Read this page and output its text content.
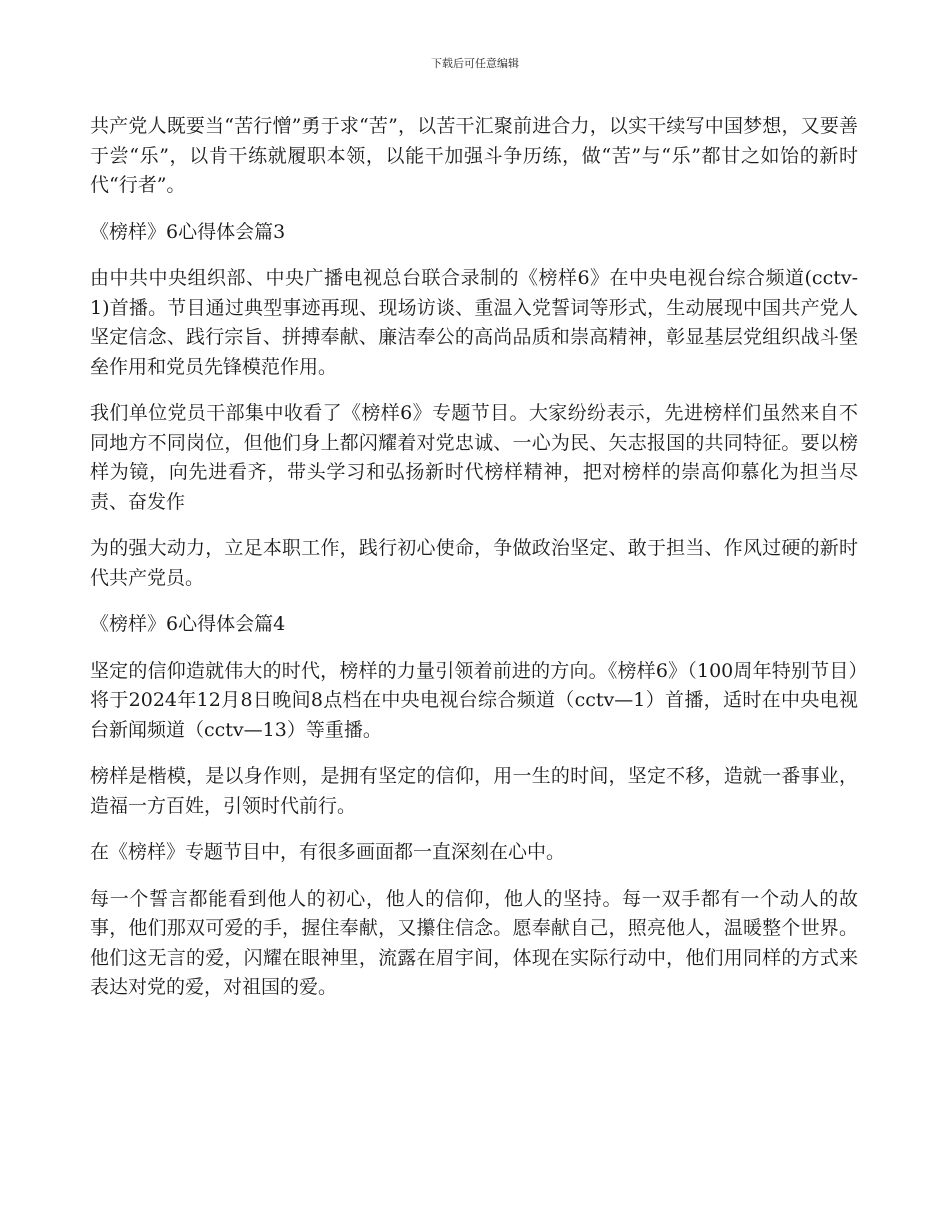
下载后可任意编辑

共产党人既要当“苦行憎”勇于求“苦”，以苦干汇聚前进合力，以实干续写中国梦想，又要善于尝“乐”，以肯干练就履职本领，以能干加强斗争历练，做“苦”与“乐”都甘之如饴的新时代“行者”。

《榜样》6心得体会篇3

由中共中央组织部、中央广播电视总台联合录制的《榜样6》在中央电视台综合频道(cctv-1)首播。节目通过典型事迹再现、现场访谈、重温入党誓词等形式，生动展现中国共产党人坚定信念、践行宗旨、拼搏奉献、廉洁奉公的高尚品质和崇高精神，彰显基层党组织战斗堡垒作用和党员先锋模范作用。

我们单位党员干部集中收看了《榜样6》专题节目。大家纷纷表示，先进榜样们虽然来自不同地方不同岗位，但他们身上都闪耀着对党忠诚、一心为民、矢志报国的共同特征。要以榜样为镜，向先进看齐，带头学习和弘扬新时代榜样精神，把对榜样的崇高仰慕化为担当尽责、奋发作

为的强大动力，立足本职工作，践行初心使命，争做政治坚定、敢于担当、作风过硬的新时代共产党员。

《榜样》6心得体会篇4

坚定的信仰造就伟大的时代，榜样的力量引领着前进的方向。《榜样6》（100周年特别节目）将于2024年12月8日晚间8点档在中央电视台综合频道（cctv—1）首播，适时在中央电视台新闻频道（cctv—13）等重播。

榜样是楷模，是以身作则，是拥有坚定的信仰，用一生的时间，坚定不移，造就一番事业，造福一方百姓，引领时代前行。

在《榜样》专题节目中，有很多画面都一直深刻在心中。

每一个誓言都能看到他人的初心，他人的信仰，他人的坚持。每一双手都有一个动人的故事，他们那双可爱的手，握住奉献，又攥住信念。愿奉献自己，照亮他人，温暖整个世界。他们这无言的爱，闪耀在眼神里，流露在眉宇间，体现在实际行动中，他们用同样的方式来表达对党的爱，对祖国的爱。
